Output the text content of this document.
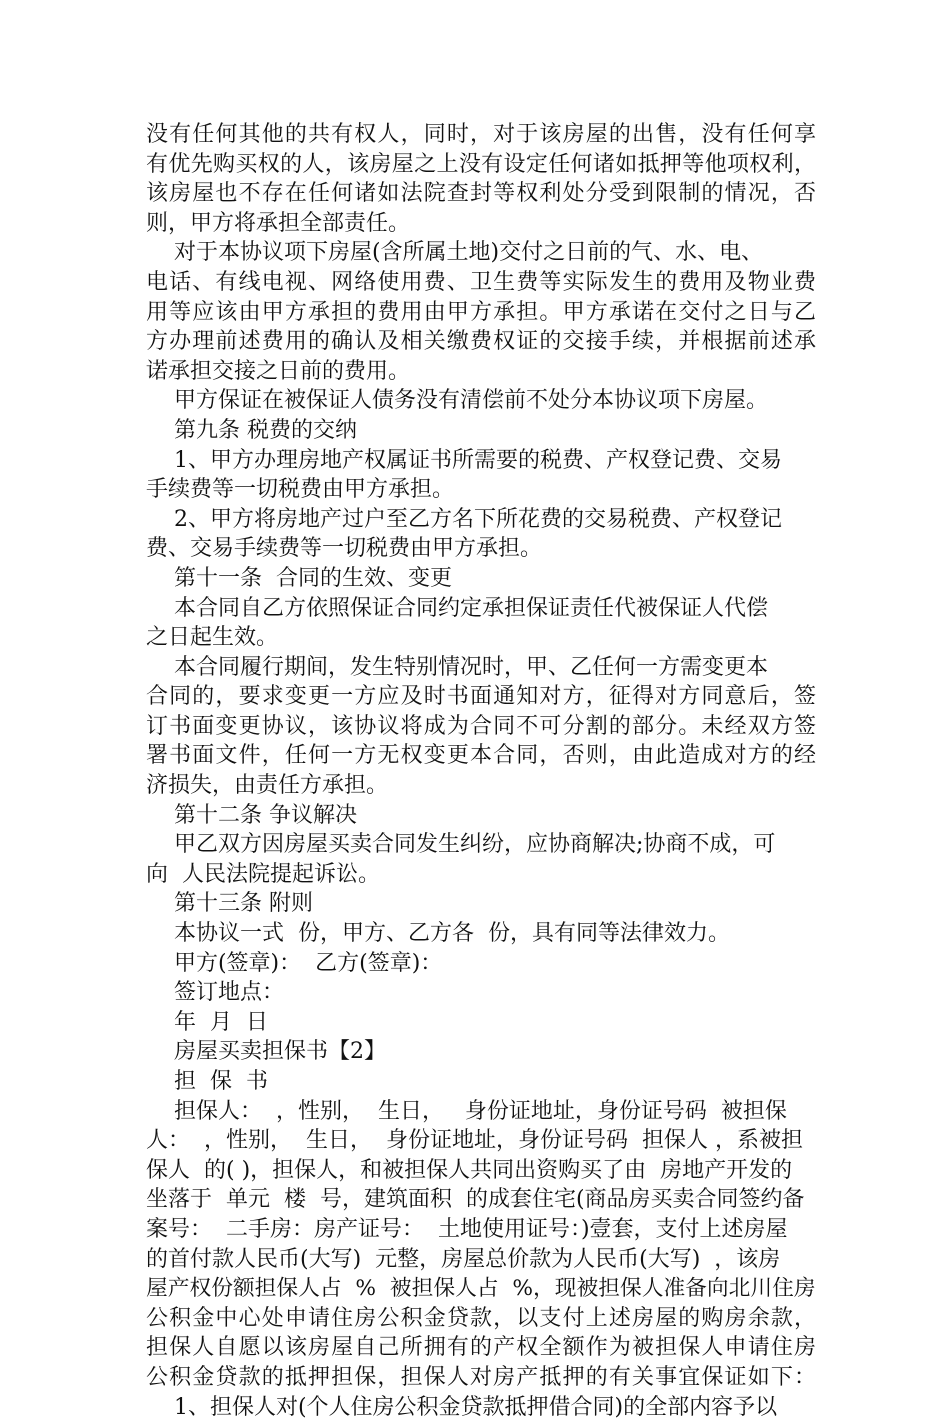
没有任何其他的共有权人，同时，对于该房屋的出售，没有任何享
有优先购买权的人，该房屋之上没有设定任何诸如抵押等他项权利，
该房屋也不存在任何诸如法院查封等权利处分受到限制的情况，否
则，甲方将承担全部责任。
对于本协议项下房屋(含所属土地)交付之日前的气、水、电、
电话、有线电视、网络使用费、卫生费等实际发生的费用及物业费
用等应该由甲方承担的费用由甲方承担。甲方承诺在交付之日与乙
方办理前述费用的确认及相关缴费权证的交接手续，并根据前述承
诺承担交接之日前的费用。
甲方保证在被保证人债务没有清偿前不处分本协议项下房屋。
第九条 税费的交纳
1、甲方办理房地产权属证书所需要的税费、产权登记费、交易
手续费等一切税费由甲方承担。
2、甲方将房地产过户至乙方名下所花费的交易税费、产权登记
费、交易手续费等一切税费由甲方承担。
第十一条  合同的生效、变更
本合同自乙方依照保证合同约定承担保证责任代被保证人代偿
之日起生效。
本合同履行期间，发生特别情况时，甲、乙任何一方需变更本
合同的，要求变更一方应及时书面通知对方，征得对方同意后，签
订书面变更协议，该协议将成为合同不可分割的部分。未经双方签
署书面文件，任何一方无权变更本合同，否则，由此造成对方的经
济损失，由责任方承担。
第十二条 争议解决
甲乙双方因房屋买卖合同发生纠纷，应协商解决;协商不成，可
向  人民法院提起诉讼。
第十三条 附则
本协议一式  份，甲方、乙方各  份，具有同等法律效力。
甲方(签章)：  乙方(签章)：
签订地点：
年  月  日
房屋买卖担保书【2】
担  保  书
担保人：  ，性别，  生日，   身份证地址，身份证号码  被担保
人：  ，性别，  生日，  身份证地址，身份证号码  担保人 ，系被担
保人  的( )，担保人，和被担保人共同出资购买了由  房地产开发的
坐落于  单元  楼  号，建筑面积  的成套住宅(商品房买卖合同签约备
案号：  二手房：房产证号：  土地使用证号：)壹套，支付上述房屋
的首付款人民币(大写)  元整，房屋总价款为人民币(大写)  ，该房
屋产权份额担保人占  %  被担保人占  %，现被担保人准备向北川住房
公积金中心处申请住房公积金贷款，以支付上述房屋的购房余款，
担保人自愿以该房屋自己所拥有的产权全额作为被担保人申请住房
公积金贷款的抵押担保，担保人对房产抵押的有关事宜保证如下：
1、担保人对(个人住房公积金贷款抵押借合同)的全部内容予以
